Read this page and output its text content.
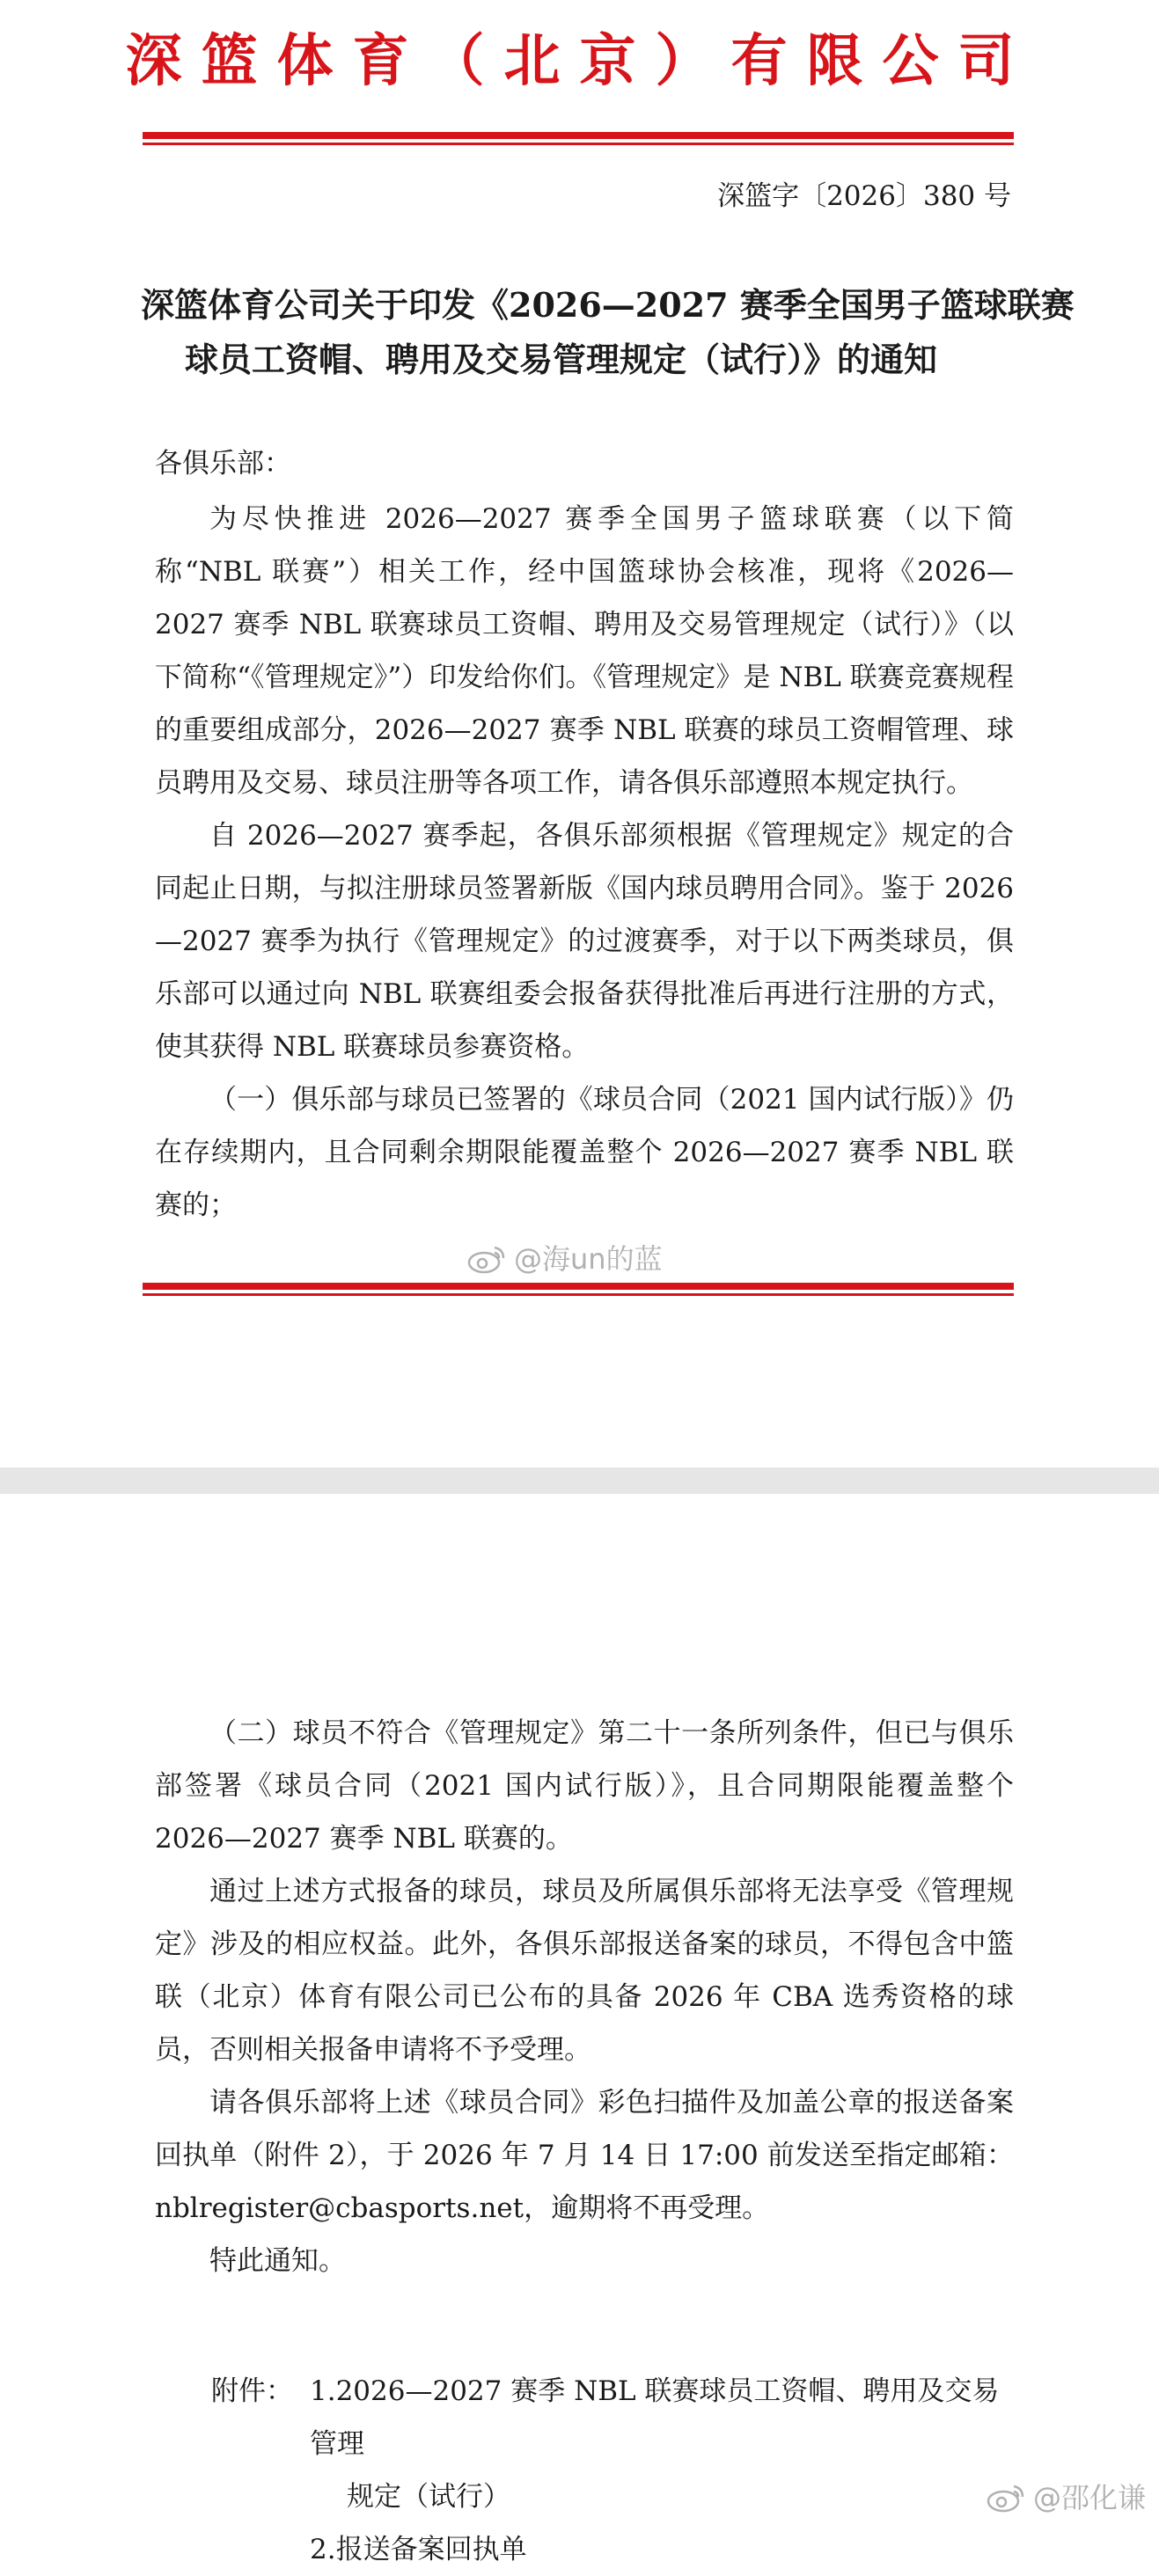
深篮体育（北京）有限公司
深篮字〔2026〕380 号
深篮体育公司关于印发《2026—2027 赛季全国男子篮球联赛
球员工资帽、聘用及交易管理规定（试行）》的通知
各俱乐部：

为尽快推进 2026—2027 赛季全国男子篮球联赛（以下简称“NBL 联赛”）相关工作，经中国篮球协会核准，现将《2026—2027 赛季 NBL 联赛球员工资帽、聘用及交易管理规定（试行）》（以下简称“《管理规定》”）印发给你们。《管理规定》是 NBL 联赛竞赛规程的重要组成部分，2026—2027 赛季 NBL 联赛的球员工资帽管理、球员聘用及交易、球员注册等各项工作，请各俱乐部遵照本规定执行。

自 2026—2027 赛季起，各俱乐部须根据《管理规定》规定的合同起止日期，与拟注册球员签署新版《国内球员聘用合同》。鉴于 2026—2027 赛季为执行《管理规定》的过渡赛季，对于以下两类球员，俱乐部可以通过向 NBL 联赛组委会报备获得批准后再进行注册的方式，使其获得 NBL 联赛球员参赛资格。

（一）俱乐部与球员已签署的《球员合同（2021 国内试行版）》仍在存续期内，且合同剩余期限能覆盖整个 2026—2027 赛季 NBL 联赛的；

@海un的蓝

（二）球员不符合《管理规定》第二十一条所列条件，但已与俱乐部签署《球员合同（2021 国内试行版）》，且合同期限能覆盖整个 2026—2027 赛季 NBL 联赛的。

通过上述方式报备的球员，球员及所属俱乐部将无法享受《管理规定》涉及的相应权益。此外，各俱乐部报送备案的球员，不得包含中篮联（北京）体育有限公司已公布的具备 2026 年 CBA 选秀资格的球员，否则相关报备申请将不予受理。

请各俱乐部将上述《球员合同》彩色扫描件及加盖公章的报送备案回执单（附件 2），于 2026 年 7 月 14 日 17:00 前发送至指定邮箱：nblregister@cbasports.net，逾期将不再受理。

特此通知。

附件： 1.2026—2027 赛季 NBL 联赛球员工资帽、聘用及交易管理
规定（试行）
2.报送备案回执单
@邵化谦
